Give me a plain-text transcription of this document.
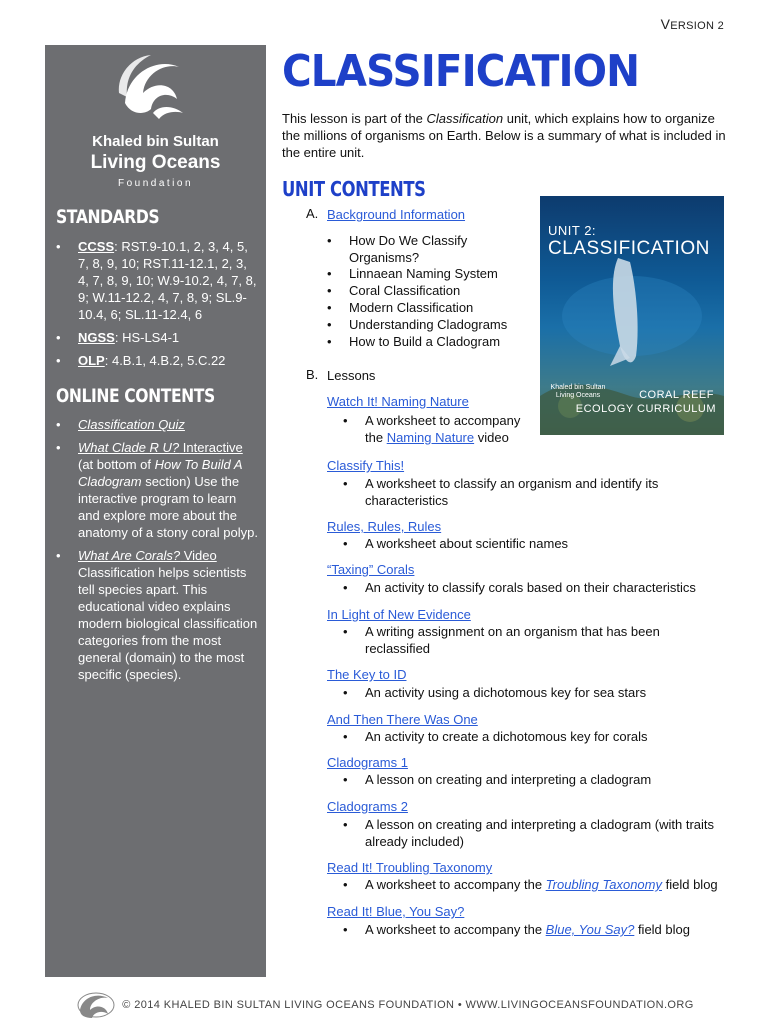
VERSION 2
Khaled bin Sultan
Living Oceans
Foundation
STANDARDS
• CCSS: RST.9-10.1, 2, 3, 4, 5, 7, 8, 9, 10; RST.11-12.1, 2, 3, 4, 7, 8, 9, 10; W.9-10.2, 4, 7, 8, 9; W.11-12.2, 4, 7, 8, 9; SL.9-10.4, 6; SL.11-12.4, 6
• NGSS: HS-LS4-1
• OLP: 4.B.1, 4.B.2, 5.C.22
ONLINE CONTENTS
• Classification Quiz
• What Clade R U? Interactive (at bottom of How To Build A Cladogram section) Use the interactive program to learn and explore more about the anatomy of a stony coral polyp.
• What Are Corals? Video Classification helps scientists tell species apart. This educational video explains modern biological classification categories from the most general (domain) to the most specific (species).
CLASSIFICATION
This lesson is part of the Classification unit, which explains how to organize the millions of organisms on Earth. Below is a summary of what is included in the entire unit.
UNIT CONTENTS
A. Background Information
• How Do We Classify Organisms?
• Linnaean Naming System
• Coral Classification
• Modern Classification
• Understanding Cladograms
• How to Build a Cladogram
B. Lessons
Watch It! Naming Nature
• A worksheet to accompany the Naming Nature video
Classify This!
• A worksheet to classify an organism and identify its characteristics
Rules, Rules, Rules
• A worksheet about scientific names
“Taxing” Corals
• An activity to classify corals based on their characteristics
In Light of New Evidence
• A writing assignment on an organism that has been reclassified
The Key to ID
• An activity using a dichotomous key for sea stars
And Then There Was One
• An activity to create a dichotomous key for corals
Cladograms 1
• A lesson on creating and interpreting a cladogram
Cladograms 2
• A lesson on creating and interpreting a cladogram (with traits already included)
Read It! Troubling Taxonomy
• A worksheet to accompany the Troubling Taxonomy field blog
Read It! Blue, You Say?
• A worksheet to accompany the Blue, You Say? field blog
UNIT 2:
CLASSIFICATION
Khaled bin Sultan Living Oceans	CORAL REEF
ECOLOGY CURRICULUM
© 2014 KHALED BIN SULTAN LIVING OCEANS FOUNDATION • WWW.LIVINGOCEANSFOUNDATION.ORG
